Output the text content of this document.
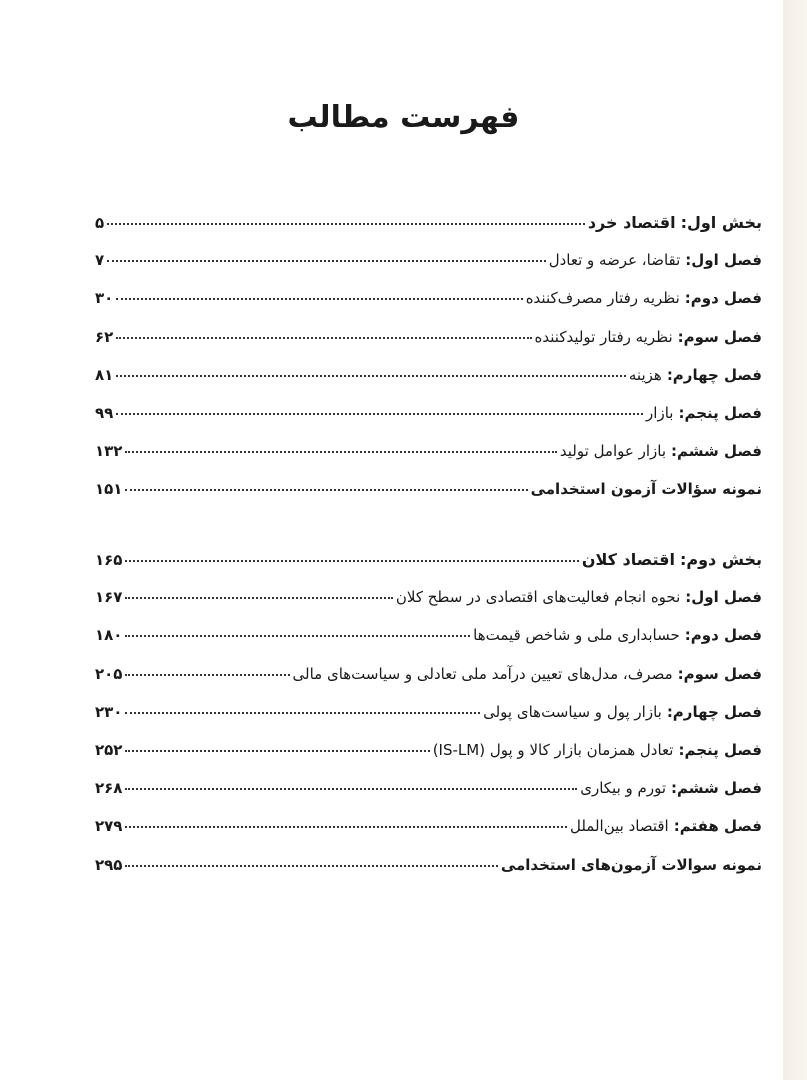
فهرست مطالب
بخش اول:
اقتصاد خرد
۵
فصل اول:
تقاضا، عرضه و تعادل
۷
فصل دوم:
نظریه رفتار مصرف‌کننده
۳۰
فصل سوم:
نظریه رفتار تولیدکننده
۶۲
فصل چهارم:
هزینه
۸۱
فصل پنجم:
بازار
۹۹
فصل ششم:
بازار عوامل تولید
۱۳۲
نمونه سؤالات آزمون استخدامی
۱۵۱
بخش دوم:
اقتصاد کلان
۱۶۵
فصل اول:
نحوه انجام فعالیت‌های اقتصادی در سطح کلان
۱۶۷
فصل دوم:
حسابداری ملی و شاخص قیمت‌ها
۱۸۰
فصل سوم:
مصرف، مدل‌های تعیین درآمد ملی تعادلی و سیاست‌های مالی
۲۰۵
فصل چهارم:
بازار پول و سیاست‌های پولی
۲۳۰
فصل پنجم:
تعادل همزمان بازار کالا و پول (IS-LM)
۲۵۲
فصل ششم:
تورم و بیکاری
۲۶۸
فصل هفتم:
اقتصاد بین‌الملل
۲۷۹
نمونه سوالات آزمون‌های استخدامی
۲۹۵
